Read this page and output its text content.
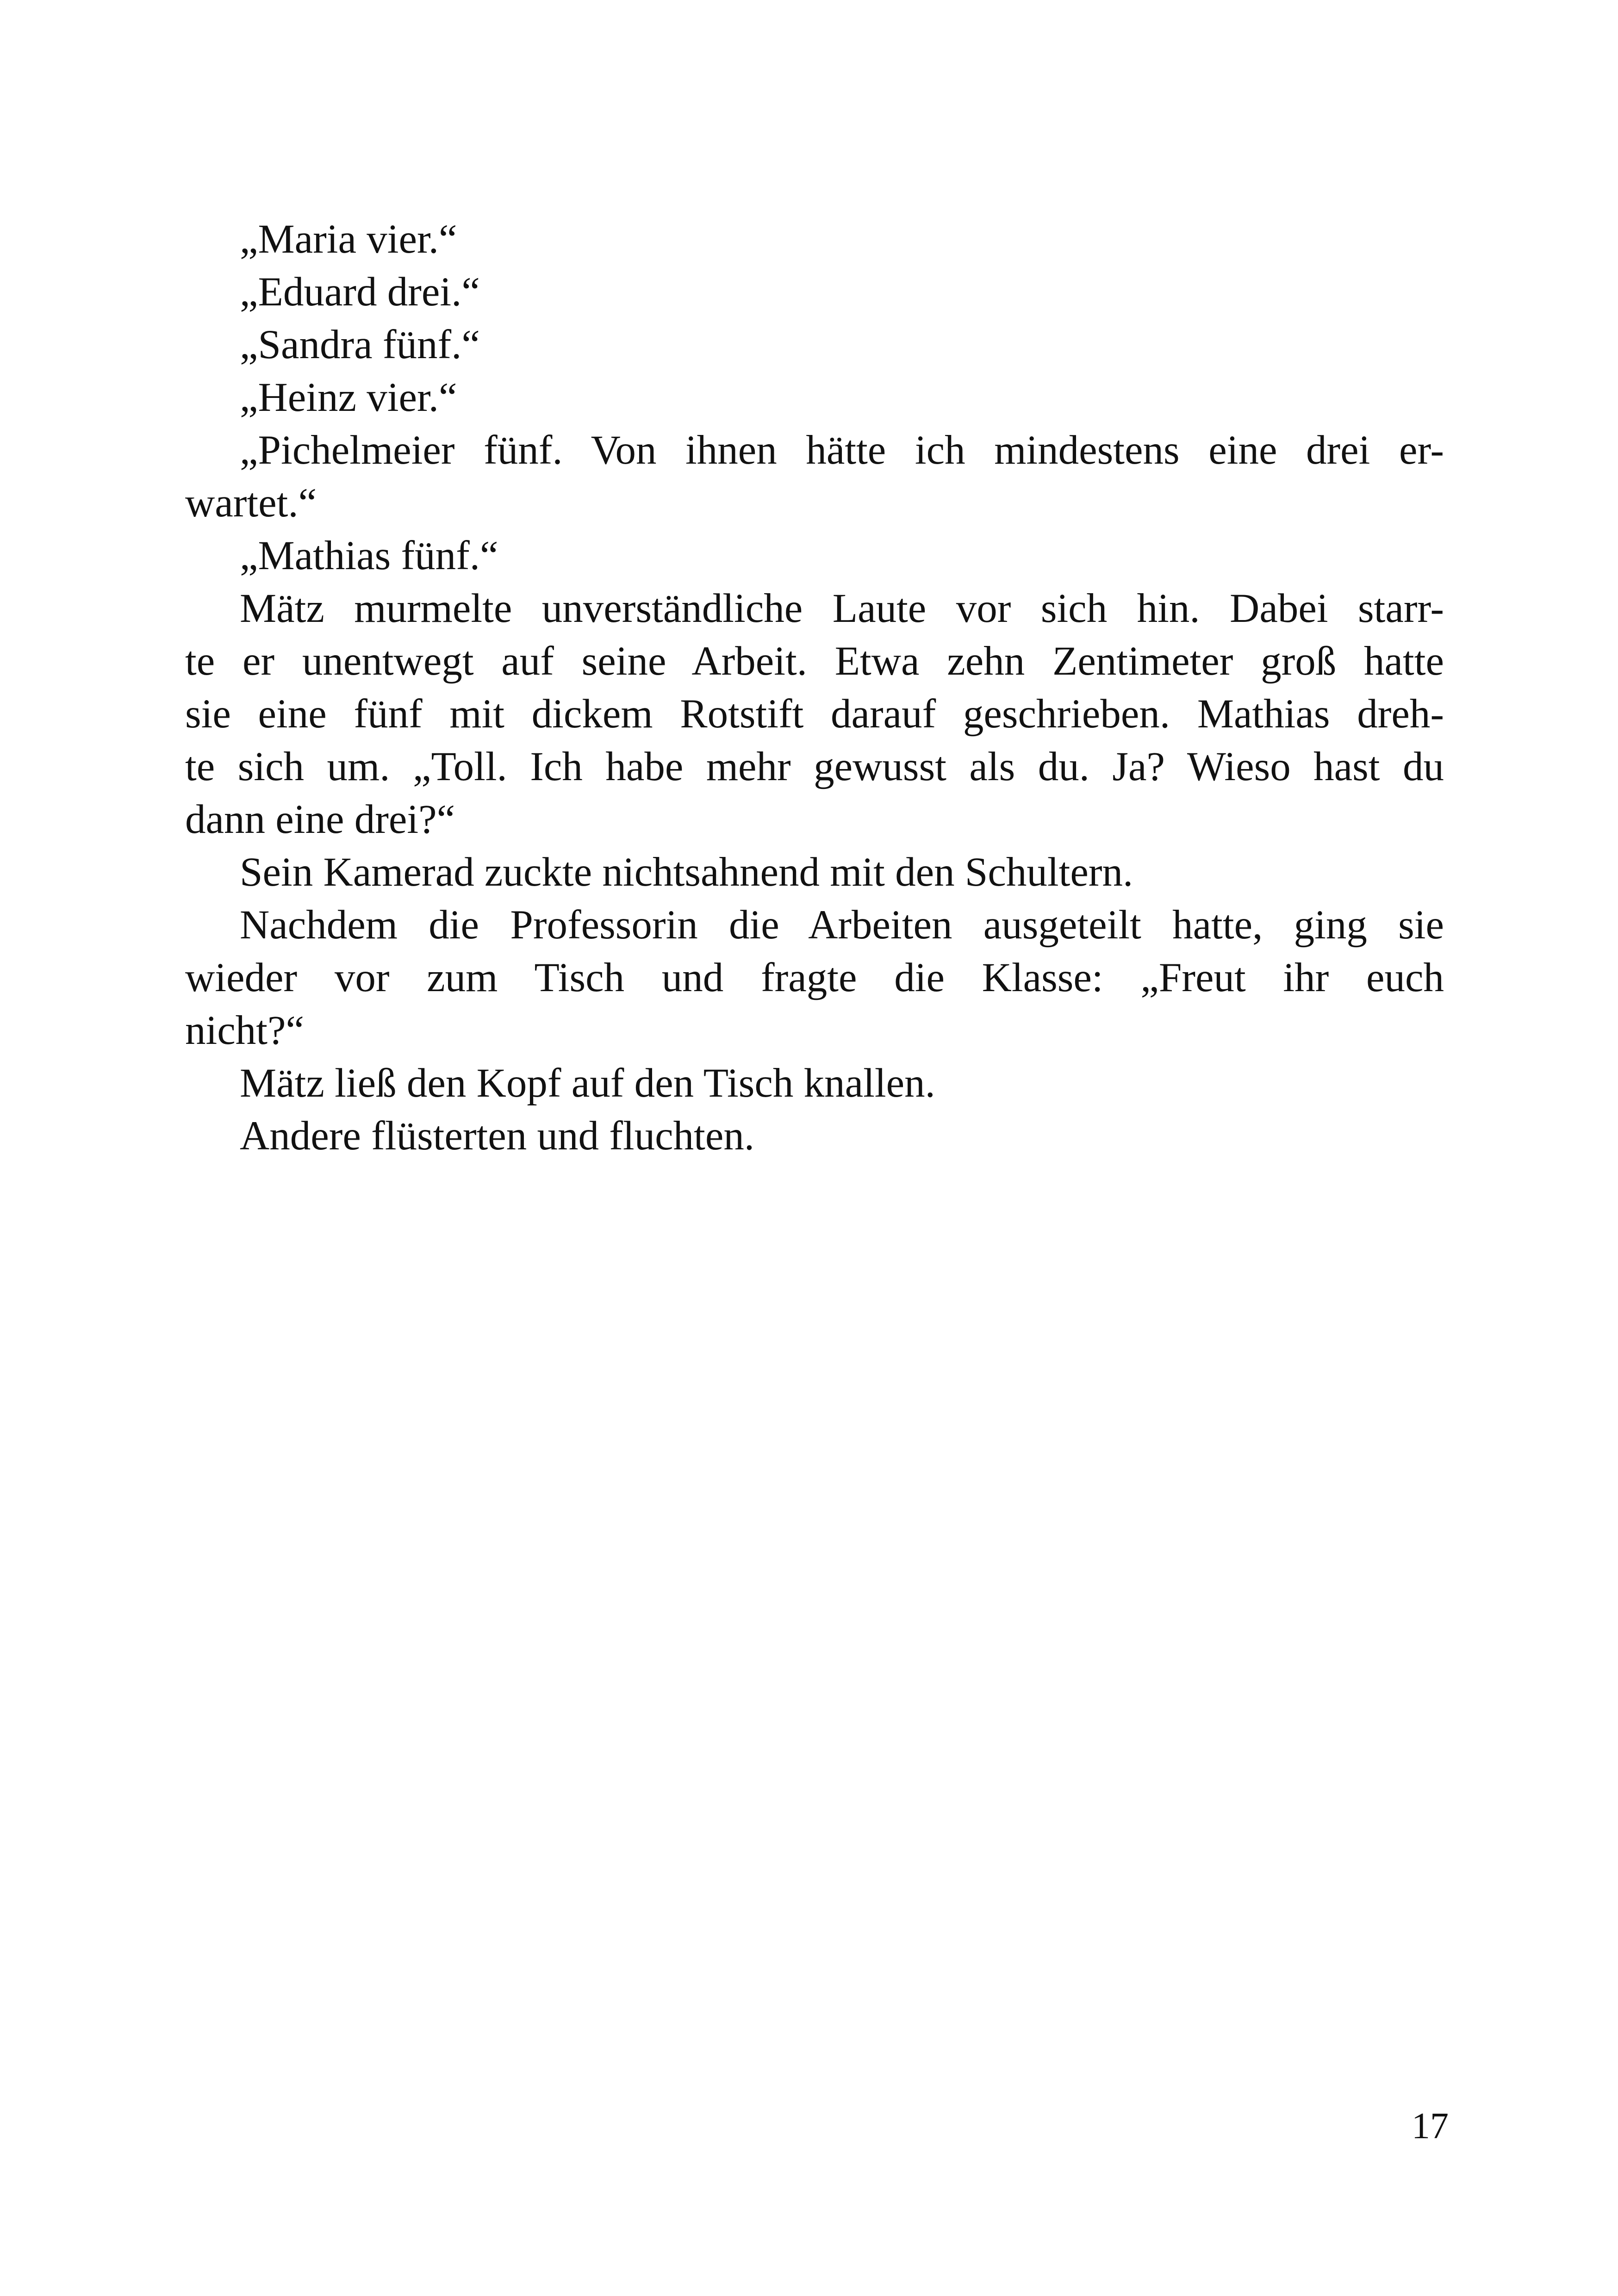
„Maria vier.“
„Eduard drei.“
„Sandra fünf.“
„Heinz vier.“
„Pichelmeier fünf. Von ihnen hätte ich mindestens eine drei er-
wartet.“
„Mathias fünf.“
Mätz murmelte unverständliche Laute vor sich hin. Dabei starr-
te er unentwegt auf seine Arbeit. Etwa zehn Zentimeter groß hatte
sie eine fünf mit dickem Rotstift darauf geschrieben. Mathias dreh-
te sich um. „Toll. Ich habe mehr gewusst als du. Ja? Wieso hast du
dann eine drei?“
Sein Kamerad zuckte nichtsahnend mit den Schultern.
Nachdem die Professorin die Arbeiten ausgeteilt hatte, ging sie
wieder vor zum Tisch und fragte die Klasse: „Freut ihr euch
nicht?“
Mätz ließ den Kopf auf den Tisch knallen.
Andere flüsterten und fluchten.
17
